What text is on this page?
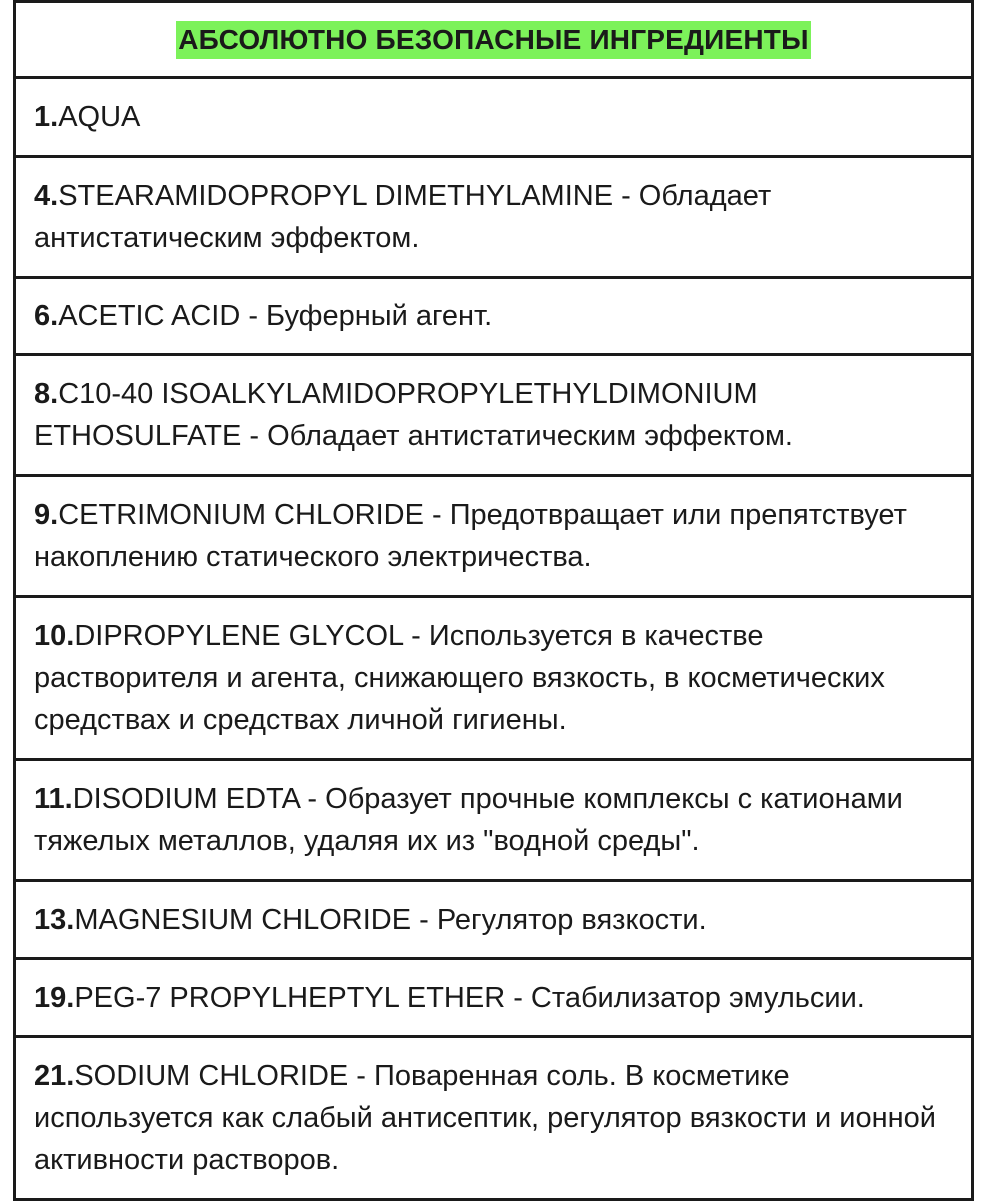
АБСОЛЮТНО БЕЗОПАСНЫЕ ИНГРЕДИЕНТЫ
1.AQUA
4.STEARAMIDOPROPYL DIMETHYLAMINE - Обладает антистатическим эффектом.
6.ACETIC ACID - Буферный агент.
8.C10-40 ISOALKYLAMIDOPROPYLETHYLDIMONIUM ETHOSULFATE - Обладает антистатическим эффектом.
9.CETRIMONIUM CHLORIDE - Предотвращает или препятствует накоплению статического электричества.
10.DIPROPYLENE GLYCOL - Используется в качестве растворителя и агента, снижающего вязкость, в косметических средствах и средствах личной гигиены.
11.DISODIUM EDTA - Образует прочные комплексы с катионами тяжелых металлов, удаляя их из "водной среды".
13.MAGNESIUM CHLORIDE - Регулятор вязкости.
19.PEG-7 PROPYLHEPTYL ETHER - Стабилизатор эмульсии.
21.SODIUM CHLORIDE - Поваренная соль. В косметике используется как слабый антисептик, регулятор вязкости и ионной активности растворов.
